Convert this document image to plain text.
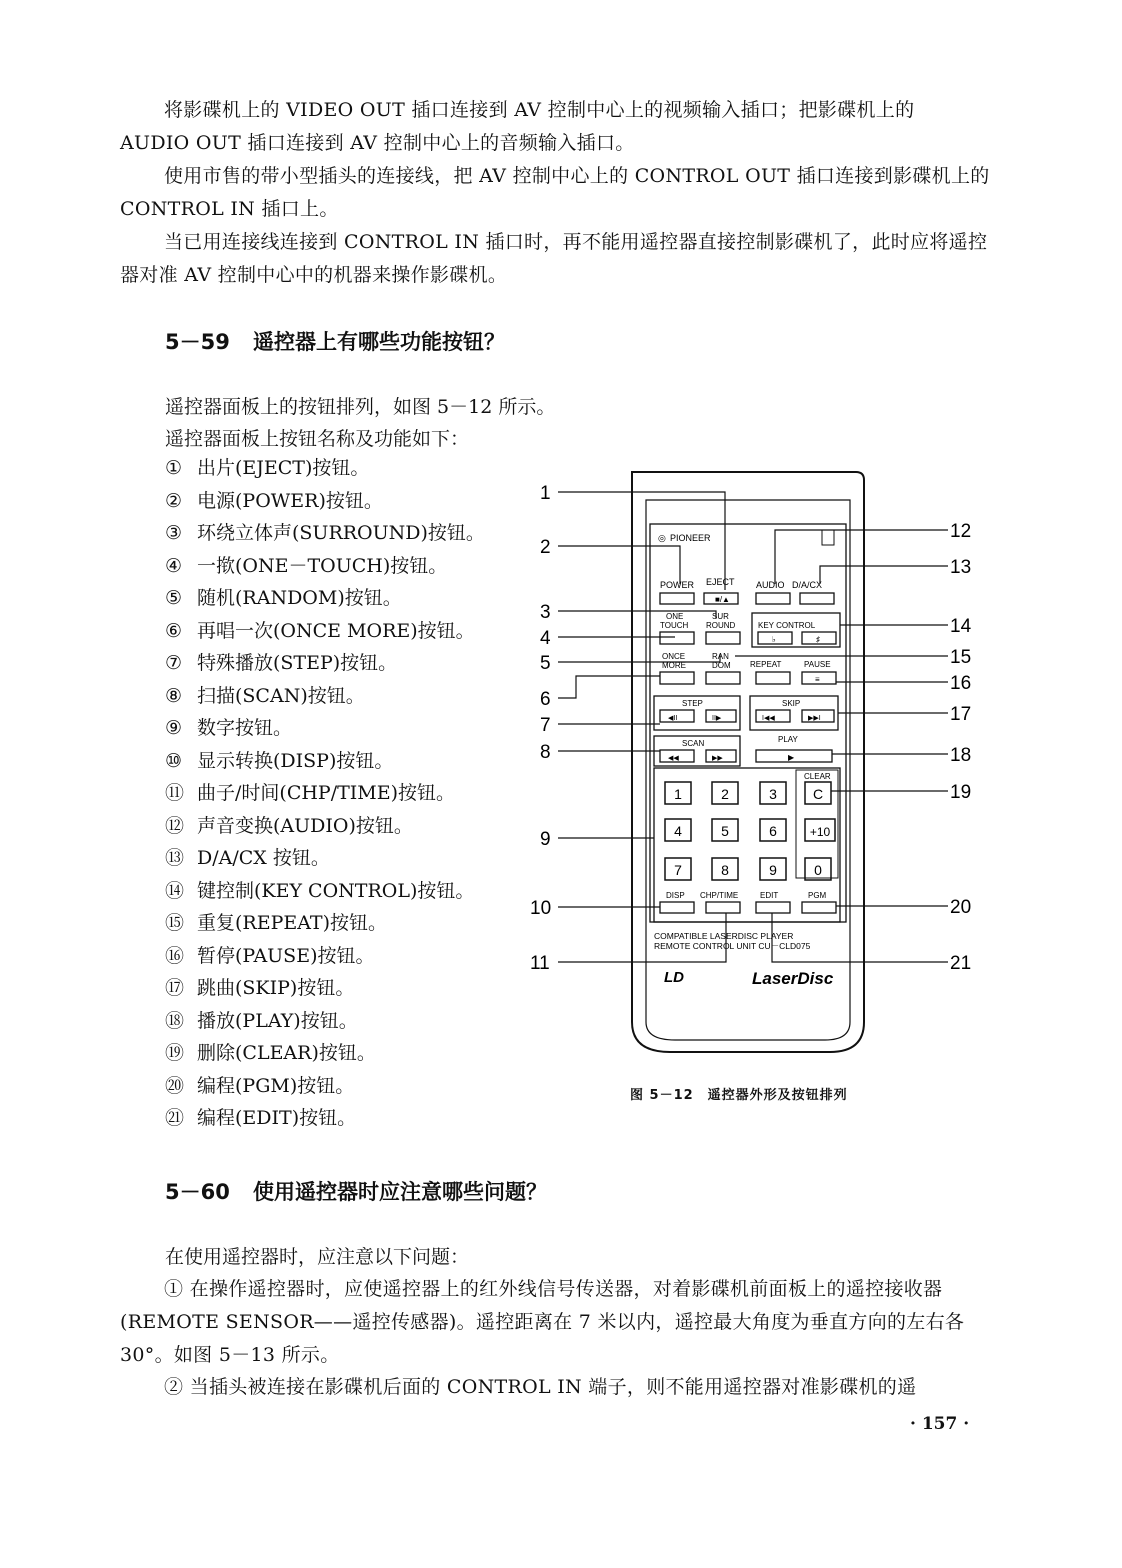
将影碟机上的 VIDEO OUT 插口连接到 AV 控制中心上的视频输入插口；把影碟机上的 AUDIO OUT 插口连接到 AV 控制中心上的音频输入插口。

使用市售的带小型插头的连接线，把 AV 控制中心上的 CONTROL OUT 插口连接到影碟机上的 CONTROL IN 插口上。

当已用连接线连接到 CONTROL IN 插口时，再不能用遥控器直接控制影碟机了，此时应将遥控器对准 AV 控制中心中的机器来操作影碟机。

5－59 遥控器上有哪些功能按钮？

遥控器面板上的按钮排列，如图 5－12 所示。

遥控器面板上按钮名称及功能如下：

① 出片(EJECT)按钮。
② 电源(POWER)按钮。
③ 环绕立体声(SURROUND)按钮。
④ 一揿(ONE－TOUCH)按钮。
⑤ 随机(RANDOM)按钮。
⑥ 再唱一次(ONCE MORE)按钮。
⑦ 特殊播放(STEP)按钮。
⑧ 扫描(SCAN)按钮。
⑨ 数字按钮。
⑩ 显示转换(DISP)按钮。
⑪ 曲子/时间(CHP/TIME)按钮。
⑫ 声音变换(AUDIO)按钮。
⑬ D/A/CX 按钮。
⑭ 键控制(KEY CONTROL)按钮。
⑮ 重复(REPEAT)按钮。
⑯ 暂停(PAUSE)按钮。
⑰ 跳曲(SKIP)按钮。
⑱ 播放(PLAY)按钮。
⑲ 删除(CLEAR)按钮。
⑳ 编程(PGM)按钮。
㉑ 编程(EDIT)按钮。
◎ PIONEER
POWER EJECT AUDIO D/A/CX
■/▲
ONE
TOUCH
SUR
ROUND	KEY CONTROL
♭	♯
ONCE
MORE
RAN
DOM REPEAT	PAUSE
≡
STEP	SKIP
◀II	II▶	I◀◀	▶▶I
SCAN	PLAY
◀◀	▶▶	▶
CLEAR
1	2	3	C
4	5	6	+10
7	8	9	0
DISP CHP/TIME	EDIT	PGM
COMPATIBLE LASERDISC PLAYER
REMOTE CONTROL UNIT CU－CLD075
LD	LaserDisc
1
2
3
4
5
6
7
8
9
10
11
12
13
14
15
16
17
18
19
20
21
图 5－12　遥控器外形及按钮排列
5－60 使用遥控器时应注意哪些问题？

在使用遥控器时，应注意以下问题：

① 在操作遥控器时，应使遥控器上的红外线信号传送器，对着影碟机前面板上的遥控接收器(REMOTE SENSOR——遥控传感器)。遥控距离在 7 米以内，遥控最大角度为垂直方向的左右各 30°。如图 5－13 所示。

② 当插头被连接在影碟机后面的 CONTROL IN 端子，则不能用遥控器对准影碟机的遥

· 157 ·
